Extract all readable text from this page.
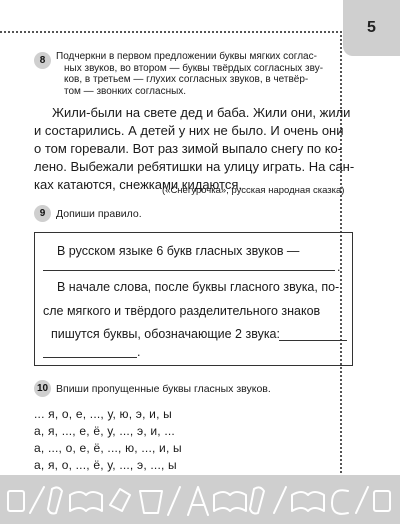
5
8 Подчеркни в первом предложении буквы мягких соглас-
ных звуков, во втором — буквы твёрдых согласных зву-
ков, в третьем — глухих согласных звуков, в четвёр-
том — звонких согласных.
Жили-были на свете дед и баба. Жили они, жили
и состарились. А детей у них не было. И очень они
о том горевали. Вот раз зимой выпало снегу по ко-
лено. Выбежали ребятишки на улицу играть. На сан-
ках катаются, снежками кидаются.
(«Снегурочка», русская народная сказка)
9 Допиши правило.
В русском языке 6 букв гласных звуков —
.
В начале слова, после буквы гласного звука, по-
сле мягкого и твёрдого разделительного знаков
пишутся буквы, обозначающие 2 звука:
.
10 Впиши пропущенные буквы гласных звуков.
... я, о, е, ..., у, ю, э, и, ы
а, я, ..., е, ё, у, ..., э, и, ...
а, ..., о, е, ё, ..., ю, ..., и, ы
а, я, о, ..., ё, у, ..., э, ..., ы
